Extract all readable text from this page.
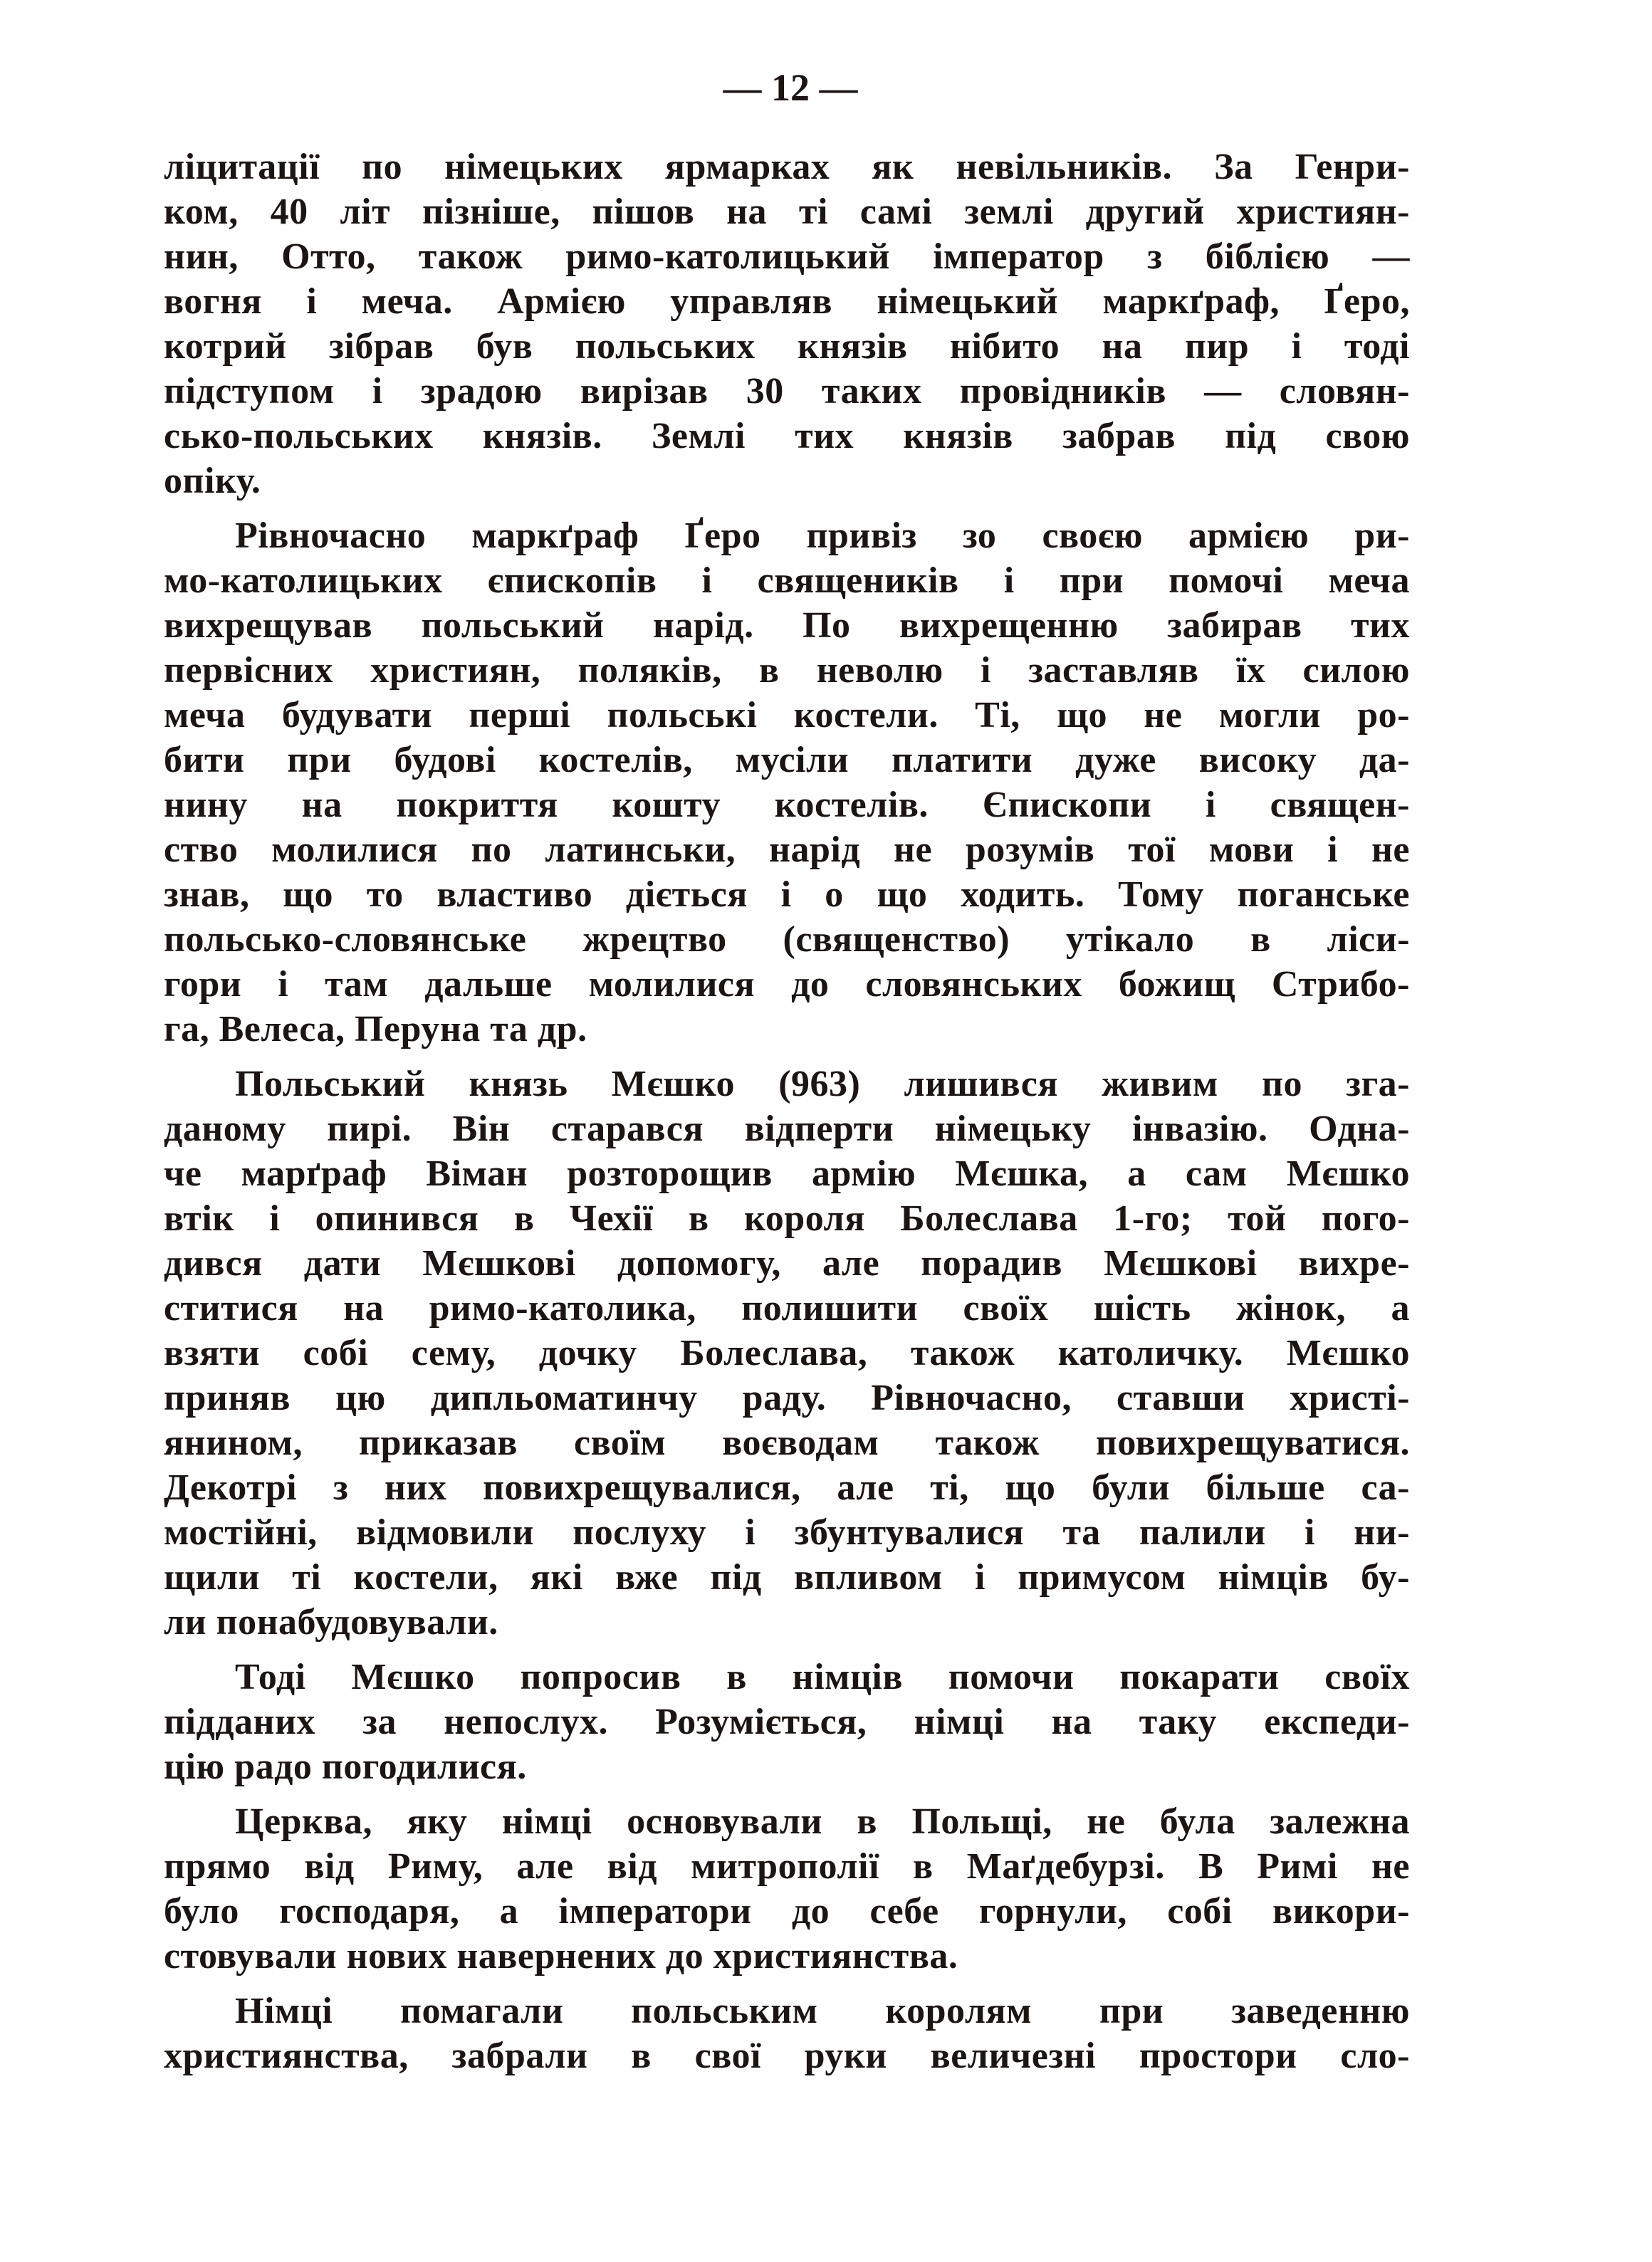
— 12 —
ліцитації по німецьких ярмарках як невільників. За Генри-
ком, 40 літ пізніше, пішов на ті самі землі другий християн-
нин, Отто, також римо-католицький імператор з біблією —
вогня і меча. Армією управляв німецький маркґраф, Ґеро,
котрий зібрав був польських князів нібито на пир і тоді
підступом і зрадою вирізав 30 таких провідників — словян-
сько-польських князів. Землі тих князів забрав під свою
опіку.
Рівночасно маркґраф Ґеро привіз зо своєю армією ри-
мо-католицьких єпископів і священиків і при помочі меча
вихрещував польський нарід. По вихрещенню забирав тих
первісних християн, поляків, в неволю і заставляв їх силою
меча будувати перші польські костели. Ті, що не могли ро-
бити при будові костелів, мусіли платити дуже високу да-
нину на покриття кошту костелів. Єпископи і священ-
ство молилися по латинськи, нарід не розумів тої мови і не
знав, що то властиво діється і о що ходить. Тому поганське
польсько-словянське жрецтво (священство) утікало в ліси-
гори і там дальше молилися до словянських божищ Стрибо-
га, Велеса, Перуна та др.
Польський князь Мєшко (963) лишився живим по зга-
даному пирі. Він старався відперти німецьку інвазію. Одна-
че марґраф Віман розторощив армію Мєшка, а сам Мєшко
втік і опинився в Чехії в короля Болеслава 1-го; той пого-
дився дати Мєшкові допомогу, але порадив Мєшкові вихре-
ститися на римо-католика, полишити своїх шість жінок, а
взяти собі сему, дочку Болеслава, також католичку. Мєшко
приняв цю дипльоматинчу раду. Рівночасно, ставши христі-
янином, приказав своїм воєводам також повихрещуватися.
Декотрі з них повихрещувалися, але ті, що були більше са-
мостійні, відмовили послуху і збунтувалися та палили і ни-
щили ті костели, які вже під впливом і примусом німців бу-
ли понабудовували.
Тоді Мєшко попросив в німців помочи покарати своїх
підданих за непослух. Розуміється, німці на таку експеди-
цію радо погодилися.
Церква, яку німці основували в Польщі, не була залежна
прямо від Риму, але від митрополії в Маґдебурзі. В Римі не
було господаря, а імператори до себе горнули, собі викори-
стовували нових навернених до християнства.
Німці помагали польським королям при заведенню
християнства, забрали в свої руки величезні простори сло-
